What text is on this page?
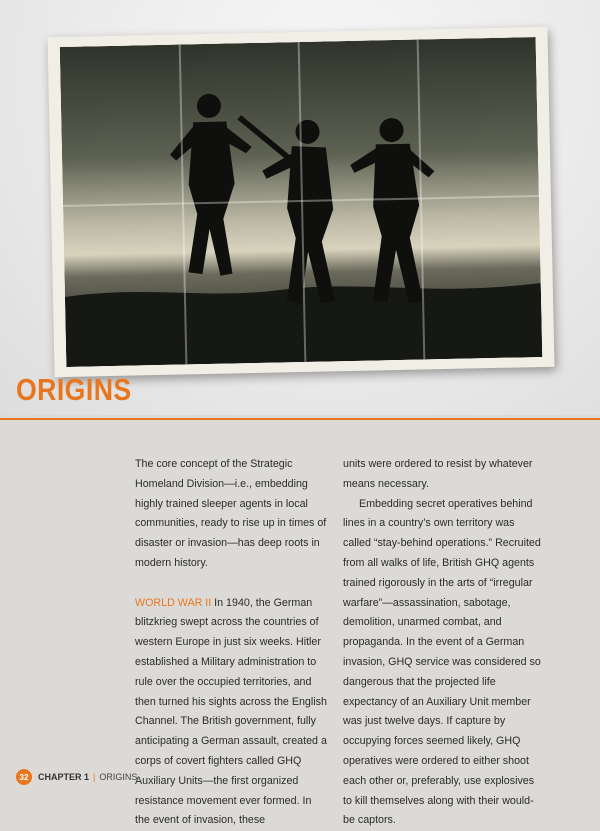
ORIGINS

The core concept of the Strategic Homeland Division—i.e., embedding highly trained sleeper agents in local communities, ready to rise up in times of disaster or invasion—has deep roots in modern history.

WORLD WAR II In 1940, the German blitzkrieg swept across the countries of western Europe in just six weeks. Hitler established a Military administration to rule over the occupied territories, and then turned his sights across the English Channel. The British government, fully anticipating a German assault, created a corps of covert fighters called GHQ Auxiliary Units—the first organized resistance movement ever formed. In the event of invasion, these

units were ordered to resist by whatever means necessary.

Embedding secret operatives behind lines in a country’s own territory was called “stay-behind operations.” Recruited from all walks of life, British GHQ agents trained rigorously in the arts of “irregular warfare”—assassination, sabotage, demolition, unarmed combat, and propaganda. In the event of a German invasion, GHQ service was considered so dangerous that the projected life expectancy of an Auxiliary Unit member was just twelve days. If capture by occupying forces seemed likely, GHQ operatives were ordered to either shoot each other or, preferably, use explosives to kill themselves along with their would-be captors.

32	CHAPTER 1 | ORIGINS
